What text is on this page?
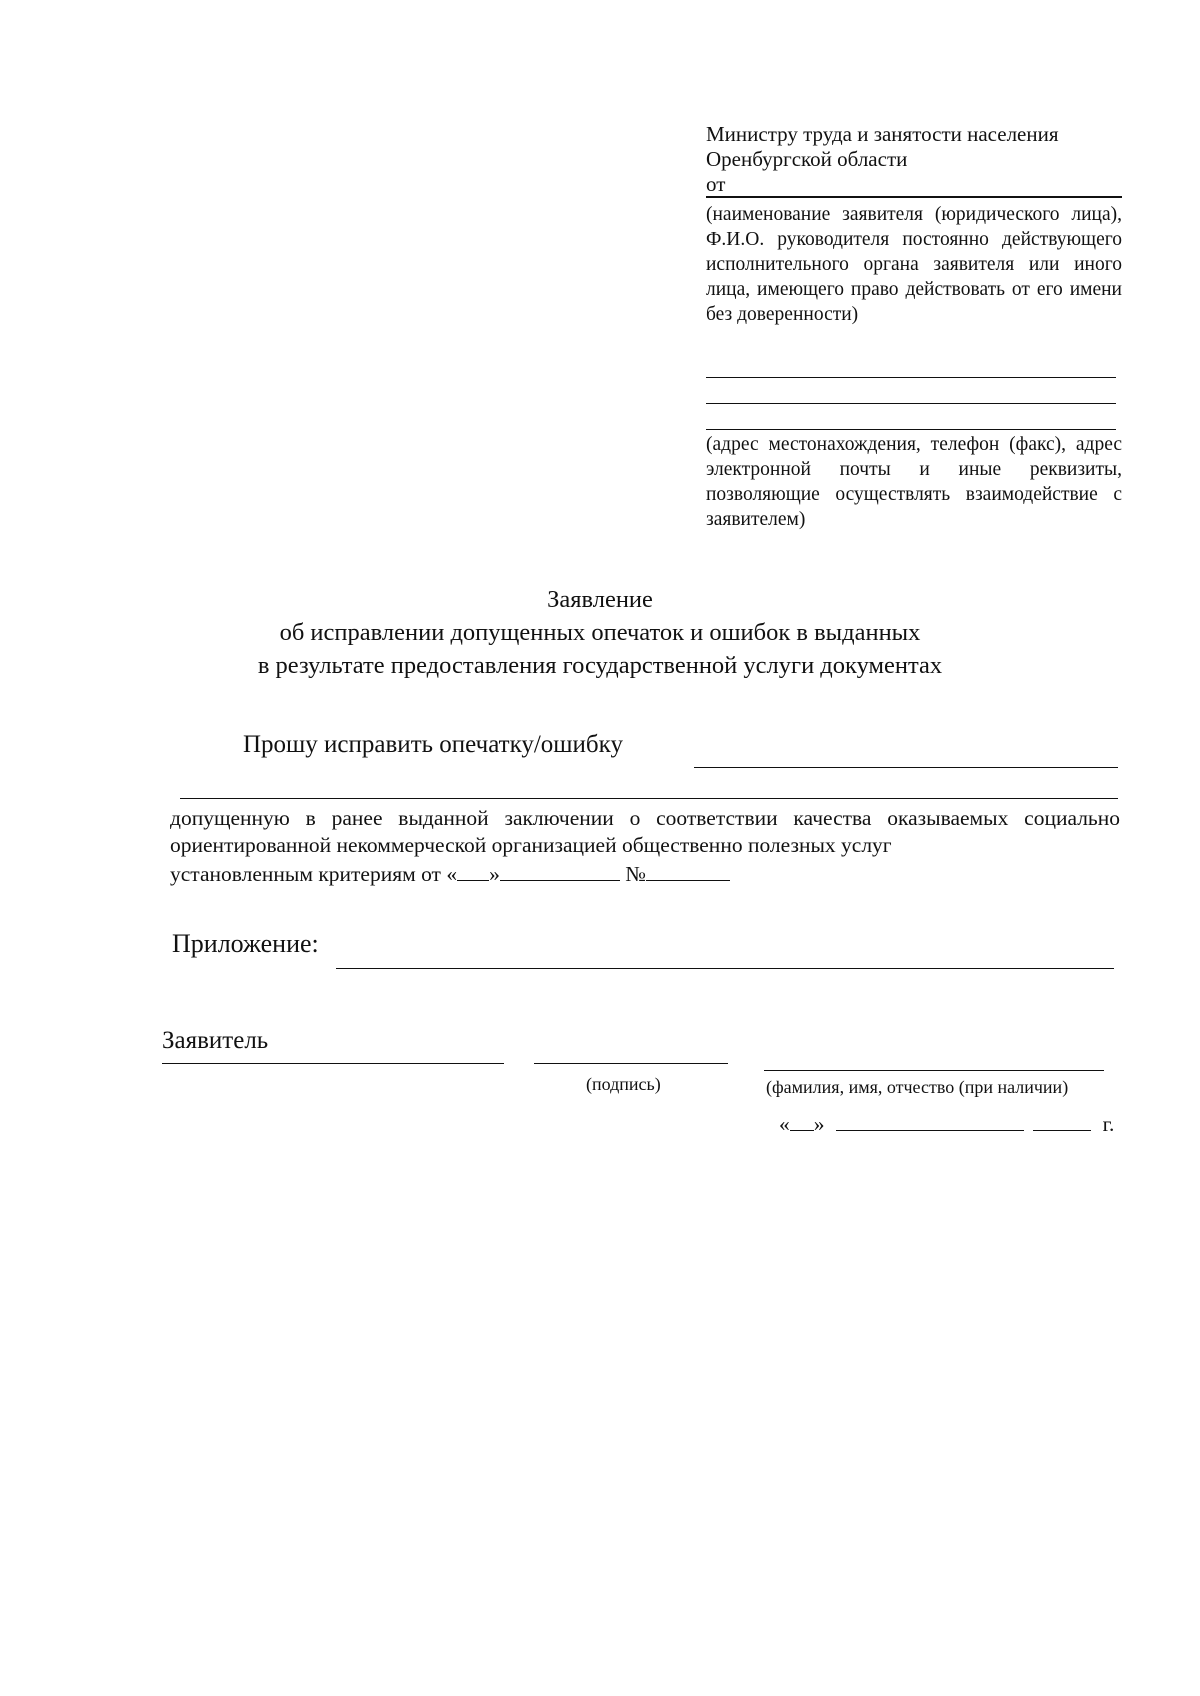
Министру труда и занятости населения
Оренбургской области
от
(наименование заявителя (юридического лица), Ф.И.О. руководителя постоянно действующего исполнительного органа заявителя или иного лица, имеющего право действовать от его имени без доверенности)
(адрес местонахождения, телефон (факс), адрес электронной почты и иные реквизиты, позволяющие осуществлять взаимодействие с заявителем)
Заявление
об исправлении допущенных опечаток и ошибок в выданных
в результате предоставления государственной услуги документах
Прошу исправить опечатку/ошибку
допущенную в ранее выданной заключении о соответствии качества оказываемых социально ориентированной некоммерческой организацией общественно полезных услуг
установленным критериям от « »	№
Приложение:
Заявитель
(подпись)	(фамилия, имя, отчество (при наличии)
« »	г.
